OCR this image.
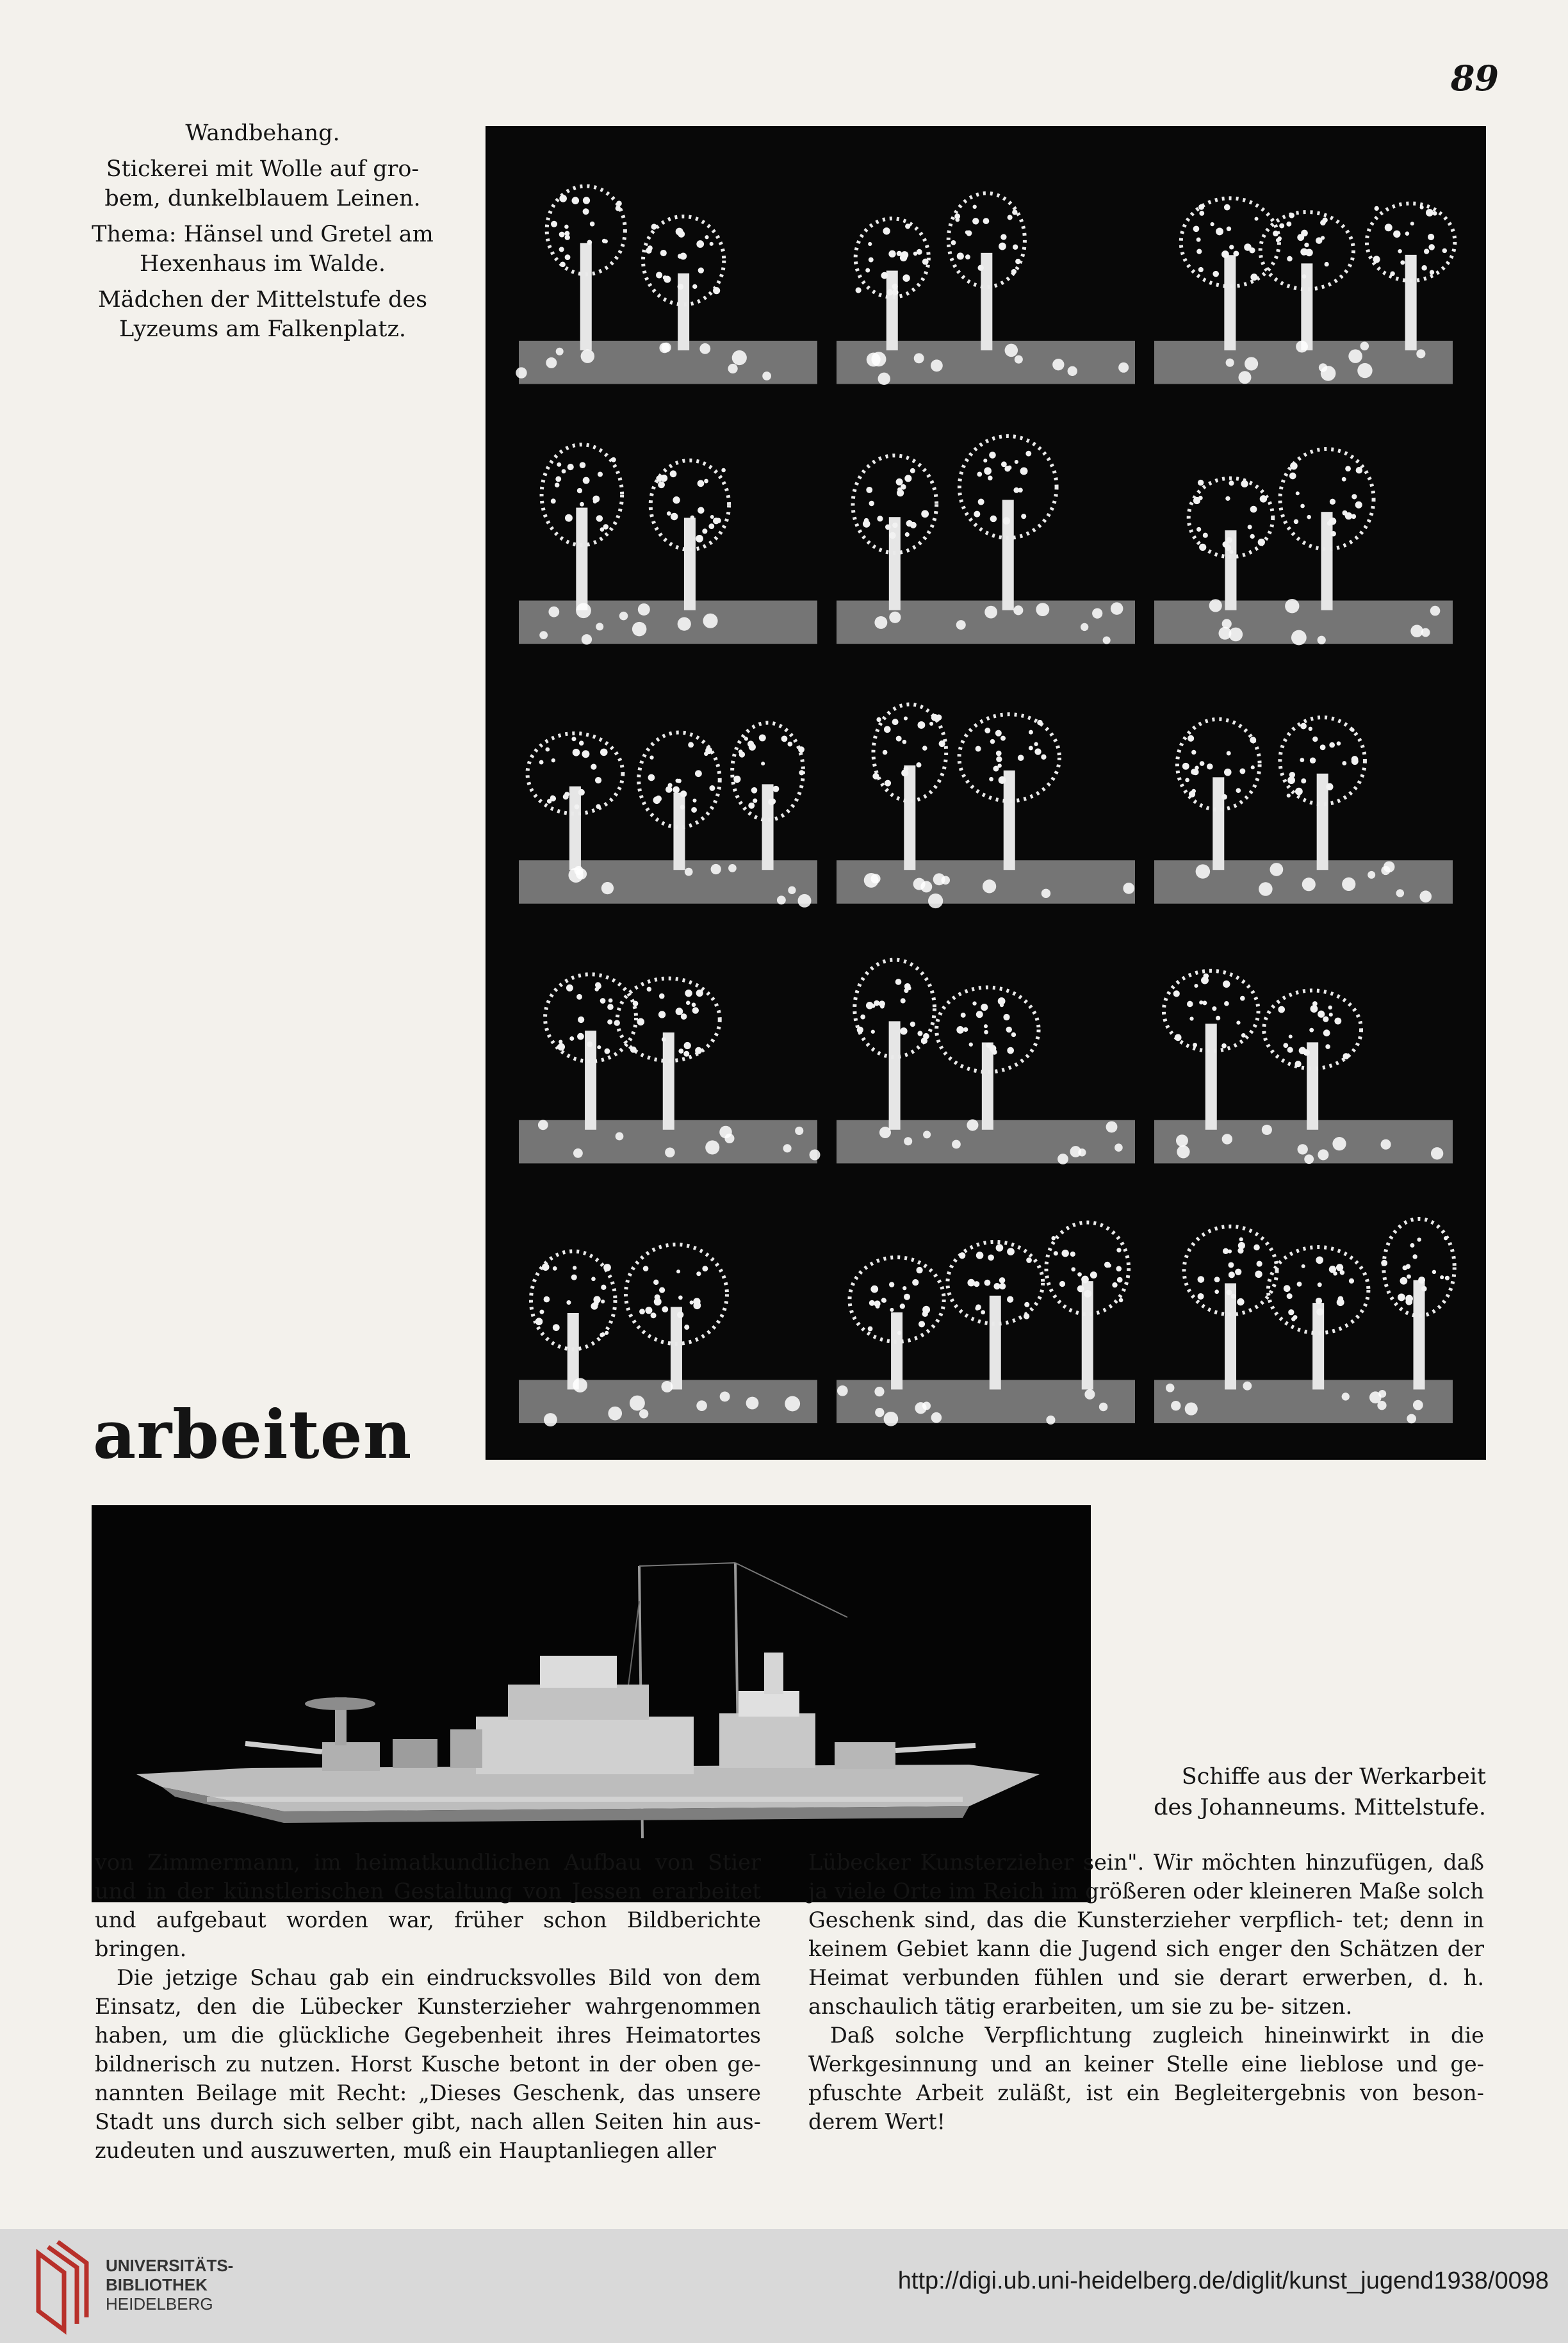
89

Wandbehang.

Stickerei mit Wolle auf gro- bem, dunkelblauem Leinen.

Thema: Hänsel und Gretel am Hexenhaus im Walde.

Mädchen der Mittelstufe des Lyzeums am Falkenplatz.

arbeiten

Schiffe aus der Werkarbeit

des Johanneums. Mittelstufe.

von Zimmermann, im heimatkundlichen Aufbau von Stier und in der künstlerischen Gestaltung von Jessen erarbeitet und aufgebaut worden war, früher schon Bildberichte bringen.

Die jetzige Schau gab ein eindrucksvolles Bild von dem Einsatz, den die Lübecker Kunsterzieher wahrgenommen haben, um die glückliche Gegebenheit ihres Heimatortes bildnerisch zu nutzen. Horst Kusche betont in der oben ge- nannten Beilage mit Recht: „Dieses Geschenk, das unsere Stadt uns durch sich selber gibt, nach allen Seiten hin aus- zudeuten und auszuwerten, muß ein Hauptanliegen aller

Lübecker Kunsterzieher sein". Wir möchten hinzufügen, daß ja viele Orte im Reich im größeren oder kleineren Maße solch Geschenk sind, das die Kunsterzieher verpflich- tet; denn in keinem Gebiet kann die Jugend sich enger den Schätzen der Heimat verbunden fühlen und sie derart erwerben, d. h. anschaulich tätig erarbeiten, um sie zu be- sitzen.

Daß solche Verpflichtung zugleich hineinwirkt in die Werkgesinnung und an keiner Stelle eine lieblose und ge- pfuschte Arbeit zuläßt, ist ein Begleitergebnis von beson- derem Wert!

UNIVERSITÄTS-
BIBLIOTHEK
HEIDELBERG
http://digi.ub.uni-heidelberg.de/diglit/kunst_jugend1938/0098
